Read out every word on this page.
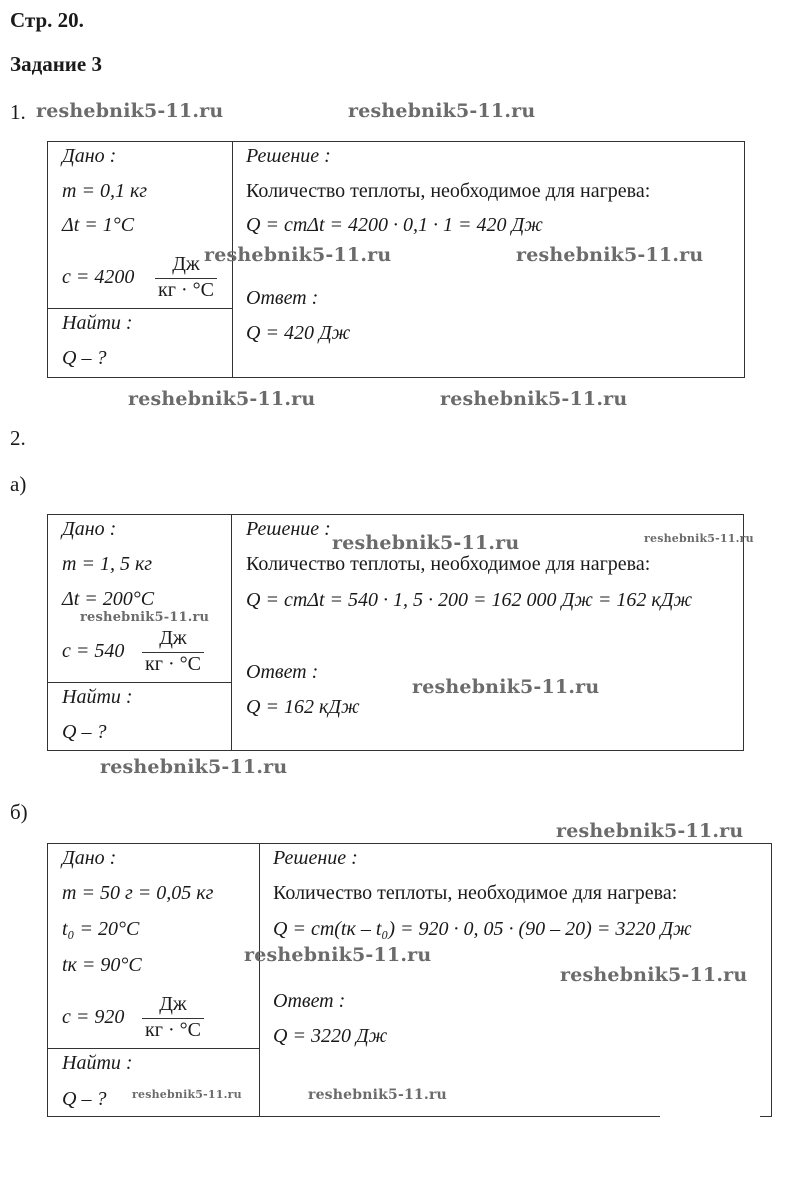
Стр. 20.
Задание 3
1.
Дано :
m = 0,1 кг
Δt = 1°C
c = 4200
Дж
кг · °C
Найти :
Q – ?
Решение :
Количество теплоты, необходимое для нагрева:
Q = cmΔt = 4200 · 0,1 · 1 = 420 Дж
Ответ :
Q = 420 Дж
2.
а)
Дано :
m = 1, 5 кг
Δt = 200°C
c = 540
Дж
кг · °C
Найти :
Q – ?
Решение :
Количество теплоты, необходимое для нагрева:
Q = cmΔt = 540 · 1, 5 · 200 = 162 000 Дж = 162 кДж
Ответ :
Q = 162 кДж
б)
Дано :
m = 50 г = 0,05 кг
t₀ = 20°C
tк = 90°C
c = 920
Дж
кг · °C
Найти :
Q – ?
Решение :
Количество теплоты, необходимое для нагрева:
Q = cm(tк – t₀) = 920 · 0, 05 · (90 – 20) = 3220 Дж
Ответ :
Q = 3220 Дж
reshebnik5-11.ru	reshebnik5-11.ru
reshebnik5-11.ru	reshebnik5-11.ru
reshebnik5-11.ru	reshebnik5-11.ru
reshebnik5-11.ru	reshebnik5-11.ru
reshebnik5-11.ru
reshebnik5-11.ru
reshebnik5-11.ru
reshebnik5-11.ru
reshebnik5-11.ru
reshebnik5-11.ru
reshebnik5-11.ru	reshebnik5-11.ru
